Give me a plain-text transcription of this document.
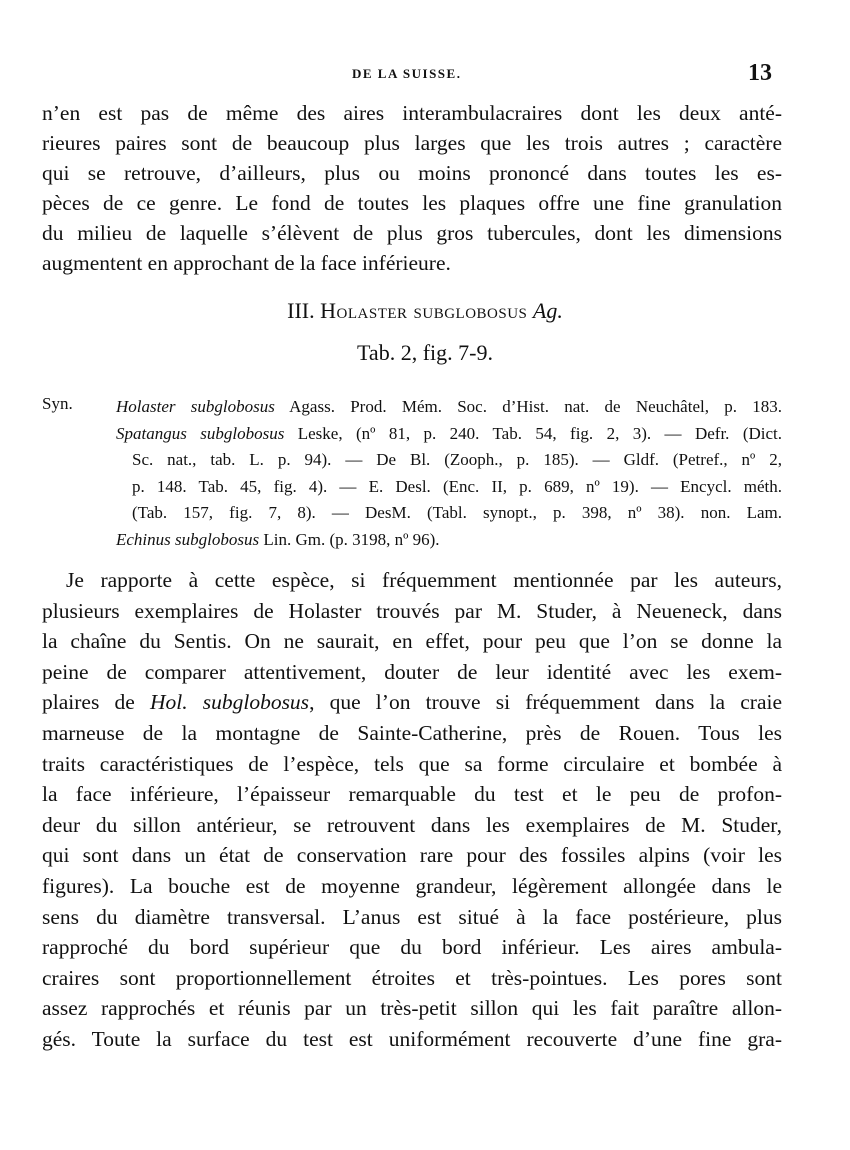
DE LA SUISSE.	13
n’en est pas de même des aires interambulacraires dont les deux anté-
rieures paires sont de beaucoup plus larges que les trois autres ; caractère
qui se retrouve, d’ailleurs, plus ou moins prononcé dans toutes les es-
pèces de ce genre. Le fond de toutes les plaques offre une fine granulation
du milieu de laquelle s’élèvent de plus gros tubercules, dont les dimensions
augmentent en approchant de la face inférieure.
III. Holaster subglobosus Ag.
Tab. 2, fig. 7-9.
Syn.	Holaster subglobosus Agass. Prod. Mém. Soc. d’Hist. nat. de Neuchâtel, p. 183.
Spatangus subglobosus Leske, (nº 81, p. 240. Tab. 54, fig. 2, 3). — Defr. (Dict.
Sc. nat., tab. L. p. 94). — De Bl. (Zooph., p. 185). — Gldf. (Petref., nº 2,
p. 148. Tab. 45, fig. 4). — E. Desl. (Enc. II, p. 689, nº 19). — Encycl. méth.
(Tab. 157, fig. 7, 8). — DesM. (Tabl. synopt., p. 398, nº 38). non. Lam.
Echinus subglobosus Lin. Gm. (p. 3198, nº 96).
Je rapporte à cette espèce, si fréquemment mentionnée par les auteurs,
plusieurs exemplaires de Holaster trouvés par M. Studer, à Neueneck, dans
la chaîne du Sentis. On ne saurait, en effet, pour peu que l’on se donne la
peine de comparer attentivement, douter de leur identité avec les exem-
plaires de Hol. subglobosus, que l’on trouve si fréquemment dans la craie
marneuse de la montagne de Sainte-Catherine, près de Rouen. Tous les
traits caractéristiques de l’espèce, tels que sa forme circulaire et bombée à
la face inférieure, l’épaisseur remarquable du test et le peu de profon-
deur du sillon antérieur, se retrouvent dans les exemplaires de M. Studer,
qui sont dans un état de conservation rare pour des fossiles alpins (voir les
figures). La bouche est de moyenne grandeur, légèrement allongée dans le
sens du diamètre transversal. L’anus est situé à la face postérieure, plus
rapproché du bord supérieur que du bord inférieur. Les aires ambula-
craires sont proportionnellement étroites et très-pointues. Les pores sont
assez rapprochés et réunis par un très-petit sillon qui les fait paraître allon-
gés. Toute la surface du test est uniformément recouverte d’une fine gra-
